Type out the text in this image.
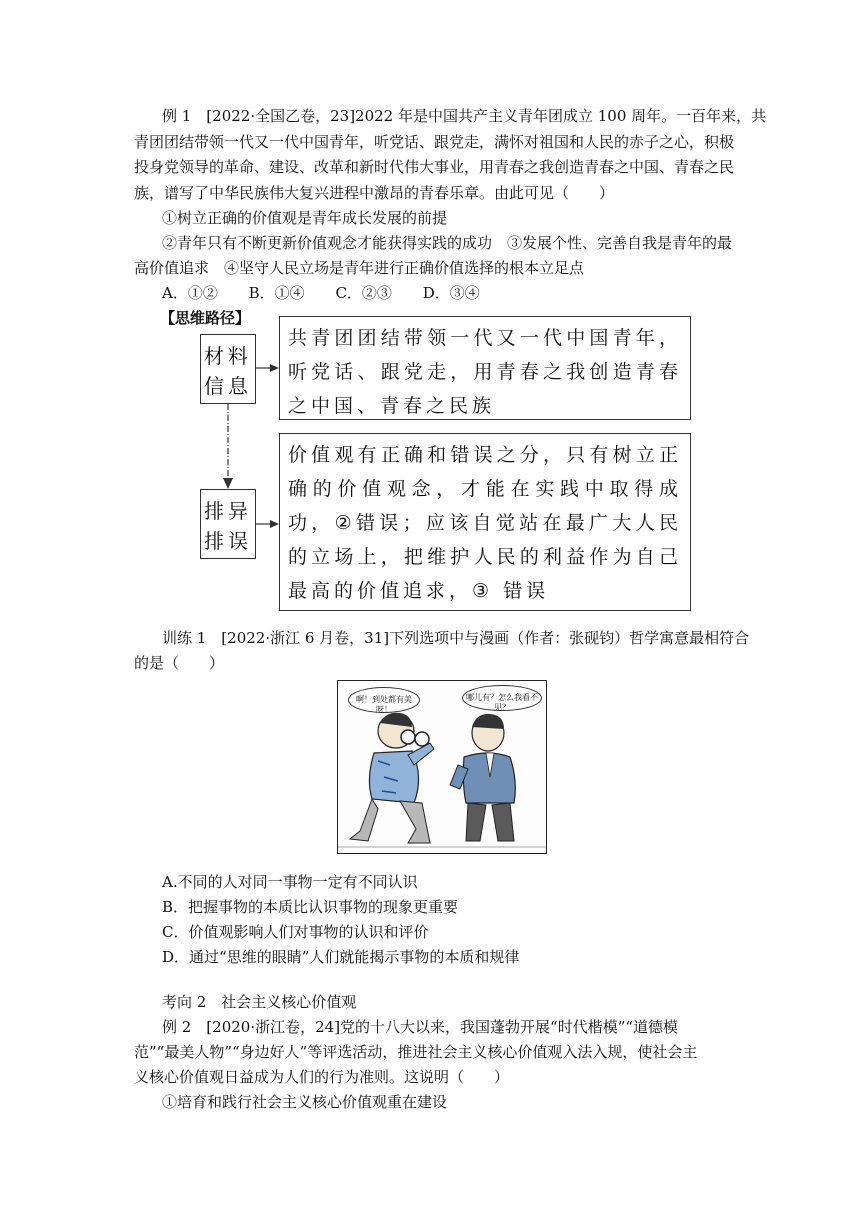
例 1　[2022·全国乙卷，23]2022 年是中国共产主义青年团成立 100 周年。一百年来，共
青团团结带领一代又一代中国青年，听党话、跟党走，满怀对祖国和人民的赤子之心，积极
投身党领导的革命、建设、改革和新时代伟大事业，用青春之我创造青春之中国、青春之民
族，谱写了中华民族伟大复兴进程中激昂的青春乐章。由此可见（　　）
①树立正确的价值观是青年成长发展的前提
②青年只有不断更新价值观念才能获得实践的成功　③发展个性、完善自我是青年的最
高价值追求　④坚守人民立场是青年进行正确价值选择的根本立足点
A．①② B．①④ C．②③ D．③④
【思维路径】
材料
信息
共青团团结带领一代又一代中国青年，听党话、跟党走，用青春之我创造青春之中国、青春之民族
排异
排误
价值观有正确和错误之分，只有树立正确的价值观念，才能在实践中取得成功，②错误；应该自觉站在最广大人民的立场上，把维护人民的利益作为自己最高的价值追求，③ 错误
训练 1　[2022·浙江 6 月卷，31]下列选项中与漫画（作者：张砚钧）哲学寓意最相符合
的是（　　）
啊！到处都有美呀！
哪儿有？怎么我看不见？
A.不同的人对同一事物一定有不同认识
B．把握事物的本质比认识事物的现象更重要
C．价值观影响人们对事物的认识和评价
D．通过“思维的眼睛”人们就能揭示事物的本质和规律
考向 2　社会主义核心价值观
例 2　[2020·浙江卷，24]党的十八大以来，我国蓬勃开展“时代楷模”“道德模
范”“最美人物”“身边好人”等评选活动，推进社会主义核心价值观入法入规，使社会主
义核心价值观日益成为人们的行为准则。这说明（　　）
①培育和践行社会主义核心价值观重在建设
